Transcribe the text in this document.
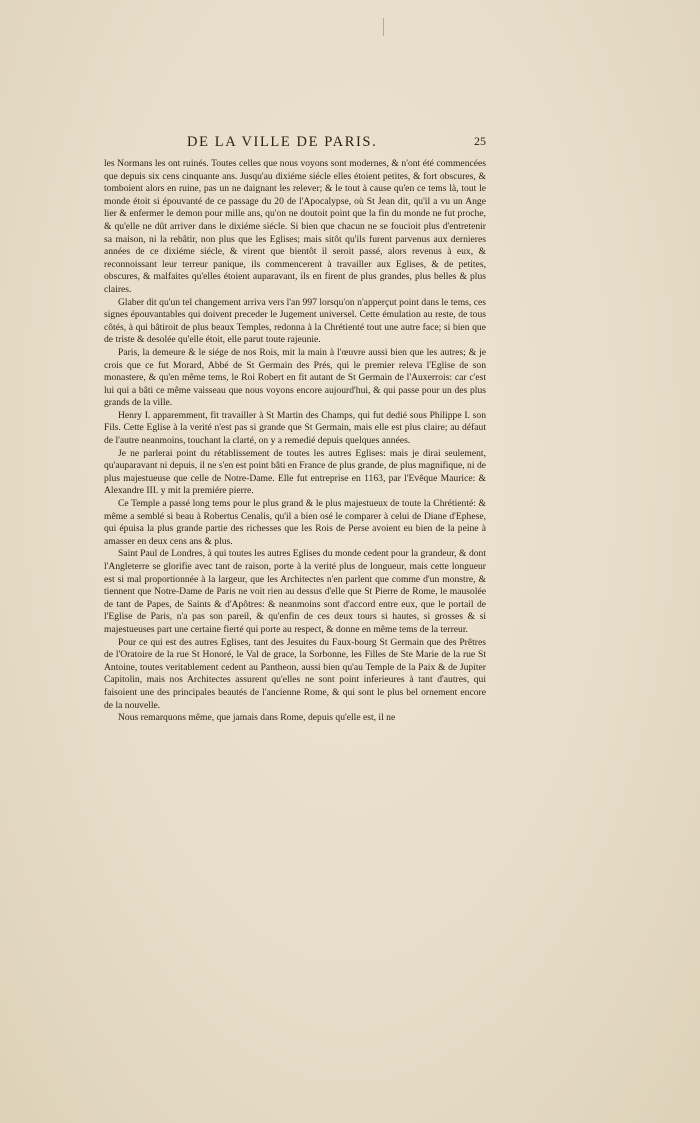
DE LA VILLE DE PARIS.	25

les Normans les ont ruinés. Toutes celles que nous voyons sont modernes, & n'ont été commencées que depuis six cens cinquante ans. Jusqu'au dixiéme siécle elles étoient petites, & fort obscures, & tomboient alors en ruine, pas un ne daignant les relever; & le tout à cause qu'en ce tems là, tout le monde étoit si épouvanté de ce passage du 20 de l'Apocalypse, où St Jean dit, qu'il a vu un Ange lier & enfermer le demon pour mille ans, qu'on ne doutoit point que la fin du monde ne fut proche, & qu'elle ne dût arriver dans le dixiéme siécle. Si bien que chacun ne se foucioit plus d'entretenir sa maison, ni la rebâtir, non plus que les Eglises; mais sitôt qu'ils furent parvenus aux dernieres années de ce dixiéme siécle, & virent que bientôt il seroit passé, alors revenus à eux, & reconnoissant leur terreur panique, ils commencerent à travailler aux Eglises, & de petites, obscures, & malfaites qu'elles étoient auparavant, ils en firent de plus grandes, plus belles & plus claires.

Glaber dit qu'un tel changement arriva vers l'an 997 lorsqu'on n'apperçut point dans le tems, ces signes épouvantables qui doivent preceder le Jugement universel. Cette émulation au reste, de tous côtés, à qui bâtiroit de plus beaux Temples, redonna à la Chrétienté tout une autre face; si bien que de triste & desolée qu'elle étoit, elle parut toute rajeunie.

Paris, la demeure & le siége de nos Rois, mit la main à l'œuvre aussi bien que les autres; & je crois que ce fut Morard, Abbé de St Germain des Prés, qui le premier releva l'Eglise de son monastere, & qu'en même tems, le Roi Robert en fit autant de St Germain de l'Auxerrois: car c'est lui qui a bâti ce même vaisseau que nous voyons encore aujourd'hui, & qui passe pour un des plus grands de la ville.

Henry I. apparemment, fit travailler à St Martin des Champs, qui fut dedié sous Philippe I. son Fils. Cette Eglise à la verité n'est pas si grande que St Germain, mais elle est plus claire; au défaut de l'autre neanmoins, touchant la clarté, on y a remedié depuis quelques années.

Je ne parlerai point du rétablissement de toutes les autres Eglises: mais je dirai seulement, qu'auparavant ni depuis, il ne s'en est point bâti en France de plus grande, de plus magnifique, ni de plus majestueuse que celle de Notre-Dame. Elle fut entreprise en 1163, par l'Evêque Maurice: & Alexandre III. y mit la premiére pierre.

Ce Temple a passé long tems pour le plus grand & le plus majestueux de toute la Chrétienté: & même a semblé si beau à Robertus Cenalis, qu'il a bien osé le comparer à celui de Diane d'Ephese, qui épuisa la plus grande partie des richesses que les Rois de Perse avoient eu bien de la peine à amasser en deux cens ans & plus.

Saint Paul de Londres, à qui toutes les autres Eglises du monde cedent pour la grandeur, & dont l'Angleterre se glorifie avec tant de raison, porte à la verité plus de longueur, mais cette longueur est si mal proportionnée à la largeur, que les Architectes n'en parlent que comme d'un monstre, & tiennent que Notre-Dame de Paris ne voit rien au dessus d'elle que St Pierre de Rome, le mausolée de tant de Papes, de Saints & d'Apôtres: & neanmoins sont d'accord entre eux, que le portail de l'Eglise de Paris, n'a pas son pareil, & qu'enfin de ces deux tours si hautes, si grosses & si majestueuses part une certaine fierté qui porte au respect, & donne en même tems de la terreur.

Pour ce qui est des autres Eglises, tant des Jesuites du Faux-bourg St Germain que des Prêtres de l'Oratoire de la rue St Honoré, le Val de grace, la Sorbonne, les Filles de Ste Marie de la rue St Antoine, toutes veritablement cedent au Pantheon, aussi bien qu'au Temple de la Paix & de Jupiter Capitolin, mais nos Architectes assurent qu'elles ne sont point inferieures à tant d'autres, qui faisoient une des principales beautés de l'ancienne Rome, & qui sont le plus bel ornement encore de la nouvelle.

Nous remarquons même, que jamais dans Rome, depuis qu'elle est, il ne
